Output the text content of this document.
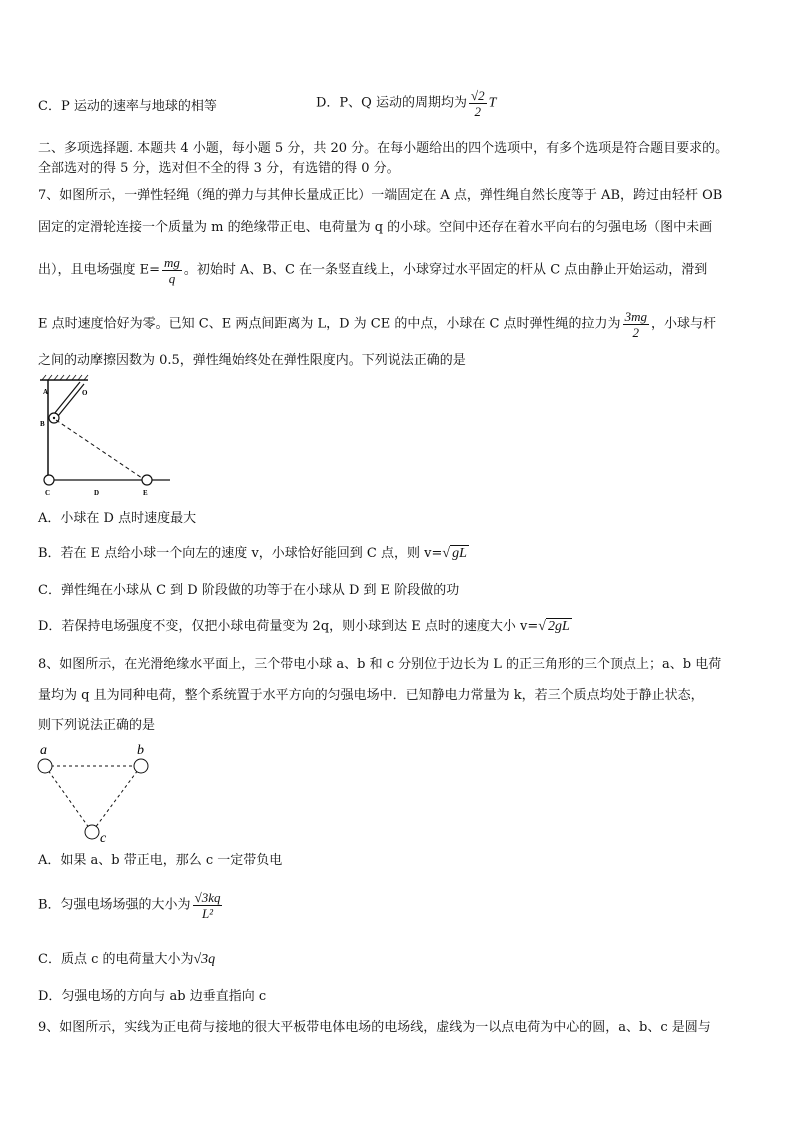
C．P 运动的速率与地球的相等	D．P、Q 运动的周期均为 $\frac{√2}{2}$ T
二、多项选择题. 本题共 4 小题，每小题 5 分，共 20 分。在每小题给出的四个选项中，有多个选项是符合题目要求的。
全部选对的得 5 分，选对但不全的得 3 分，有选错的得 0 分。
7、如图所示，一弹性轻绳（绳的弹力与其伸长量成正比）一端固定在 A 点，弹性绳自然长度等于 AB，跨过由轻杆 OB
固定的定滑轮连接一个质量为 m 的绝缘带正电、电荷量为 q 的小球。空间中还存在着水平向右的匀强电场（图中未画
出），且电场强度 $E= \frac{mg}{q}$ 。初始时 A、B、C 在一条竖直线上，小球穿过水平固定的杆从 C 点由静止开始运动，滑到
E 点时速度恰好为零。已知 C、E 两点间距离为 L，D 为 CE 的中点，小球在 C 点时弹性绳的拉力为 $\frac{3mg}{2}$ ，小球与杆
之间的动摩擦因数为 0.5，弹性绳始终处在弹性限度内。下列说法正确的是
A	O
B
C	D	E
A．小球在 D 点时速度最大
B．若在 E 点给小球一个向左的速度 v，小球恰好能回到 C 点，则 v=√ gL
C．弹性绳在小球从 C 到 D 阶段做的功等于在小球从 D 到 E 阶段做的功
D．若保持电场强度不变，仅把小球电荷量变为 2q，则小球到达 E 点时的速度大小 v=√ 2gL
8、如图所示，在光滑绝缘水平面上，三个带电小球 a、b 和 c 分别位于边长为 L 的正三角形的三个顶点上；a、b 电荷
量均为 q 且为同种电荷，整个系统置于水平方向的匀强电场中．已知静电力常量为 k，若三个质点均处于静止状态，
则下列说法正确的是
a	b
c
A．如果 a、b 带正电，那么 c 一定带负电
B．匀强电场场强的大小为 $\frac{√3kq}{\text{L²}}$
C．质点 c 的电荷量大小为√3q
D．匀强电场的方向与 ab 边垂直指向 c
9、如图所示，实线为正电荷与接地的很大平板带电体电场的电场线，虚线为一以点电荷为中心的圆，a、b、c 是圆与
